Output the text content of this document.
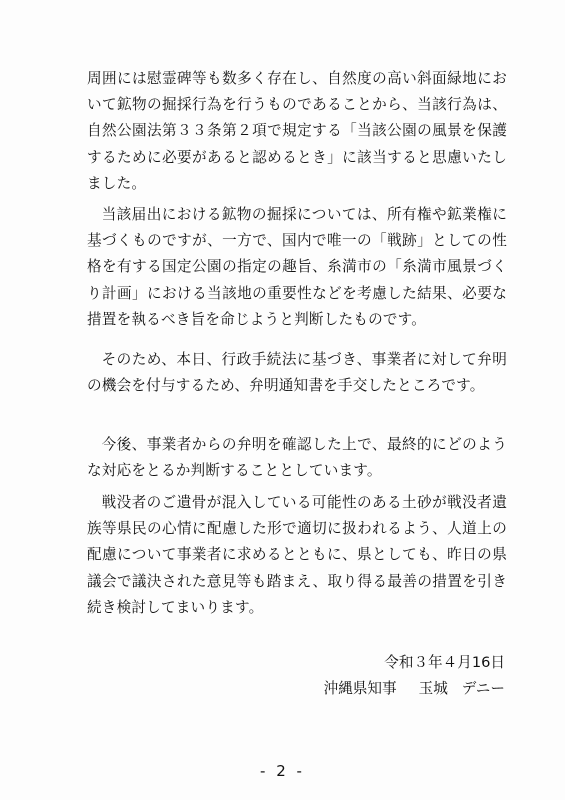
周囲には慰霊碑等も数多く存在し、自然度の高い斜面緑地において鉱物の掘採行為を行うものであることから、当該行為は、自然公園法第３３条第２項で規定する「当該公園の風景を保護するために必要があると認めるとき」に該当すると思慮いたしました。

当該届出における鉱物の掘採については、所有権や鉱業権に基づくものですが、一方で、国内で唯一の「戦跡」としての性格を有する国定公園の指定の趣旨、糸満市の「糸満市風景づくり計画」における当該地の重要性などを考慮した結果、必要な措置を執るべき旨を命じようと判断したものです。

そのため、本日、行政手続法に基づき、事業者に対して弁明の機会を付与するため、弁明通知書を手交したところです。

今後、事業者からの弁明を確認した上で、最終的にどのような対応をとるか判断することとしています。

戦没者のご遺骨が混入している可能性のある土砂が戦没者遺族等県民の心情に配慮した形で適切に扱われるよう、人道上の配慮について事業者に求めるとともに、県としても、昨日の県議会で議決された意見等も踏まえ、取り得る最善の措置を引き続き検討してまいります。

令和３年４月16日
沖縄県知事 玉城 デニー
- 2 -
